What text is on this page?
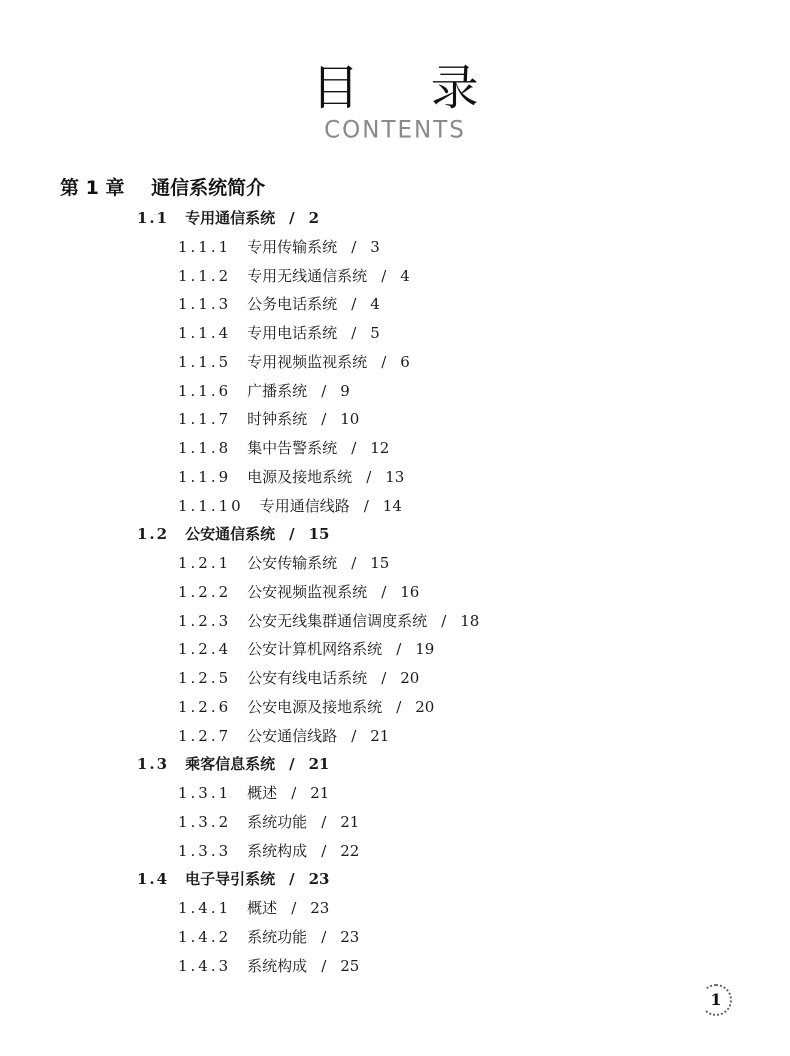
目 录
CONTENTS
第 1 章 通信系统简介
1.1 专用通信系统 / 2
1.1.1 专用传输系统 / 3
1.1.2 专用无线通信系统 / 4
1.1.3 公务电话系统 / 4
1.1.4 专用电话系统 / 5
1.1.5 专用视频监视系统 / 6
1.1.6 广播系统 / 9
1.1.7 时钟系统 / 10
1.1.8 集中告警系统 / 12
1.1.9 电源及接地系统 / 13
1.1.10 专用通信线路 / 14
1.2 公安通信系统 / 15
1.2.1 公安传输系统 / 15
1.2.2 公安视频监视系统 / 16
1.2.3 公安无线集群通信调度系统 / 18
1.2.4 公安计算机网络系统 / 19
1.2.5 公安有线电话系统 / 20
1.2.6 公安电源及接地系统 / 20
1.2.7 公安通信线路 / 21
1.3 乘客信息系统 / 21
1.3.1 概述 / 21
1.3.2 系统功能 / 21
1.3.3 系统构成 / 22
1.4 电子导引系统 / 23
1.4.1 概述 / 23
1.4.2 系统功能 / 23
1.4.3 系统构成 / 25
1
